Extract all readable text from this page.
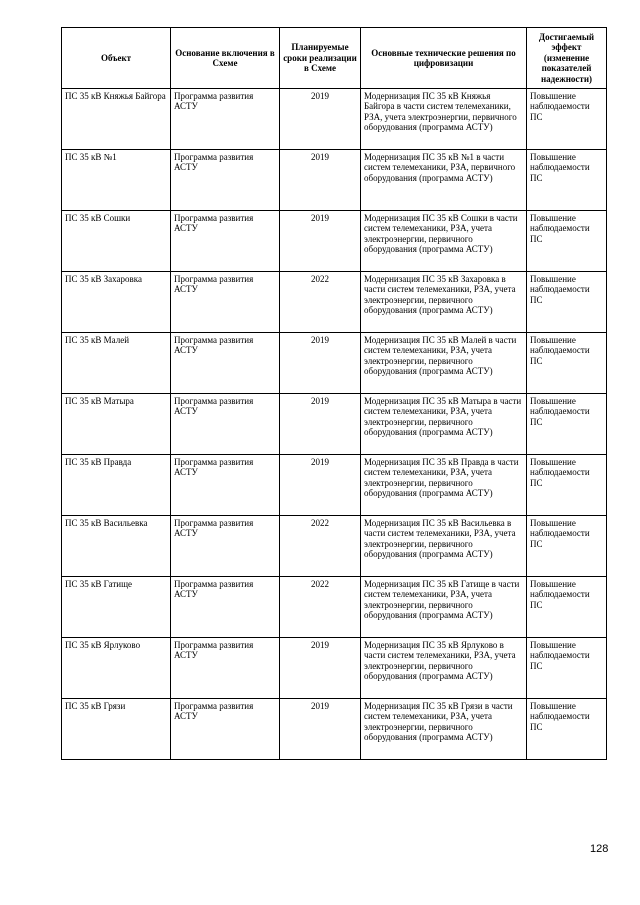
Объект	Основание включения в Схеме	Планируемые сроки реализации в Схеме	Основные технические решения по цифровизации	Достигаемый эффект (изменение показателей надежности)
ПС 35 кВ Княжья Байгора	Программа развития АСТУ	2019	Модернизация ПС 35 кВ Княжья Байгора в части систем телемеханики, РЗА, учета электроэнергии, первичного оборудования (программа АСТУ)	Повышение наблюдаемости ПС
ПС 35 кВ №1	Программа развития АСТУ	2019	Модернизация ПС 35 кВ №1 в части систем телемеханики, РЗА, первичного оборудования (программа АСТУ)	Повышение наблюдаемости ПС
ПС 35 кВ Сошки	Программа развития АСТУ	2019	Модернизация ПС 35 кВ Сошки в части систем телемеханики, РЗА, учета электроэнергии, первичного оборудования (программа АСТУ)	Повышение наблюдаемости ПС
ПС 35 кВ Захаровка	Программа развития АСТУ	2022	Модернизация ПС 35 кВ Захаровка в части систем телемеханики, РЗА, учета электроэнергии, первичного оборудования (программа АСТУ)	Повышение наблюдаемости ПС
ПС 35 кВ Малей	Программа развития АСТУ	2019	Модернизация ПС 35 кВ Малей в части систем телемеханики, РЗА, учета электроэнергии, первичного оборудования (программа АСТУ)	Повышение наблюдаемости ПС
ПС 35 кВ Матыра	Программа развития АСТУ	2019	Модернизация ПС 35 кВ Матыра в части систем телемеханики, РЗА, учета электроэнергии, первичного оборудования (программа АСТУ)	Повышение наблюдаемости ПС
ПС 35 кВ Правда	Программа развития АСТУ	2019	Модернизация ПС 35 кВ Правда в части систем телемеханики, РЗА, учета электроэнергии, первичного оборудования (программа АСТУ)	Повышение наблюдаемости ПС
ПС 35 кВ Васильевка	Программа развития АСТУ	2022	Модернизация ПС 35 кВ Васильевка в части систем телемеханики, РЗА, учета электроэнергии, первичного оборудования (программа АСТУ)	Повышение наблюдаемости ПС
ПС 35 кВ Гатище	Программа развития АСТУ	2022	Модернизация ПС 35 кВ Гатище в части систем телемеханики, РЗА, учета электроэнергии, первичного оборудования (программа АСТУ)	Повышение наблюдаемости ПС
ПС 35 кВ Ярлуково	Программа развития АСТУ	2019	Модернизация ПС 35 кВ Ярлуково в части систем телемеханики, РЗА, учета электроэнергии, первичного оборудования (программа АСТУ)	Повышение наблюдаемости ПС
ПС 35 кВ Грязи	Программа развития АСТУ	2019	Модернизация ПС 35 кВ Грязи в части систем телемеханики, РЗА, учета электроэнергии, первичного оборудования (программа АСТУ)	Повышение наблюдаемости ПС
128
